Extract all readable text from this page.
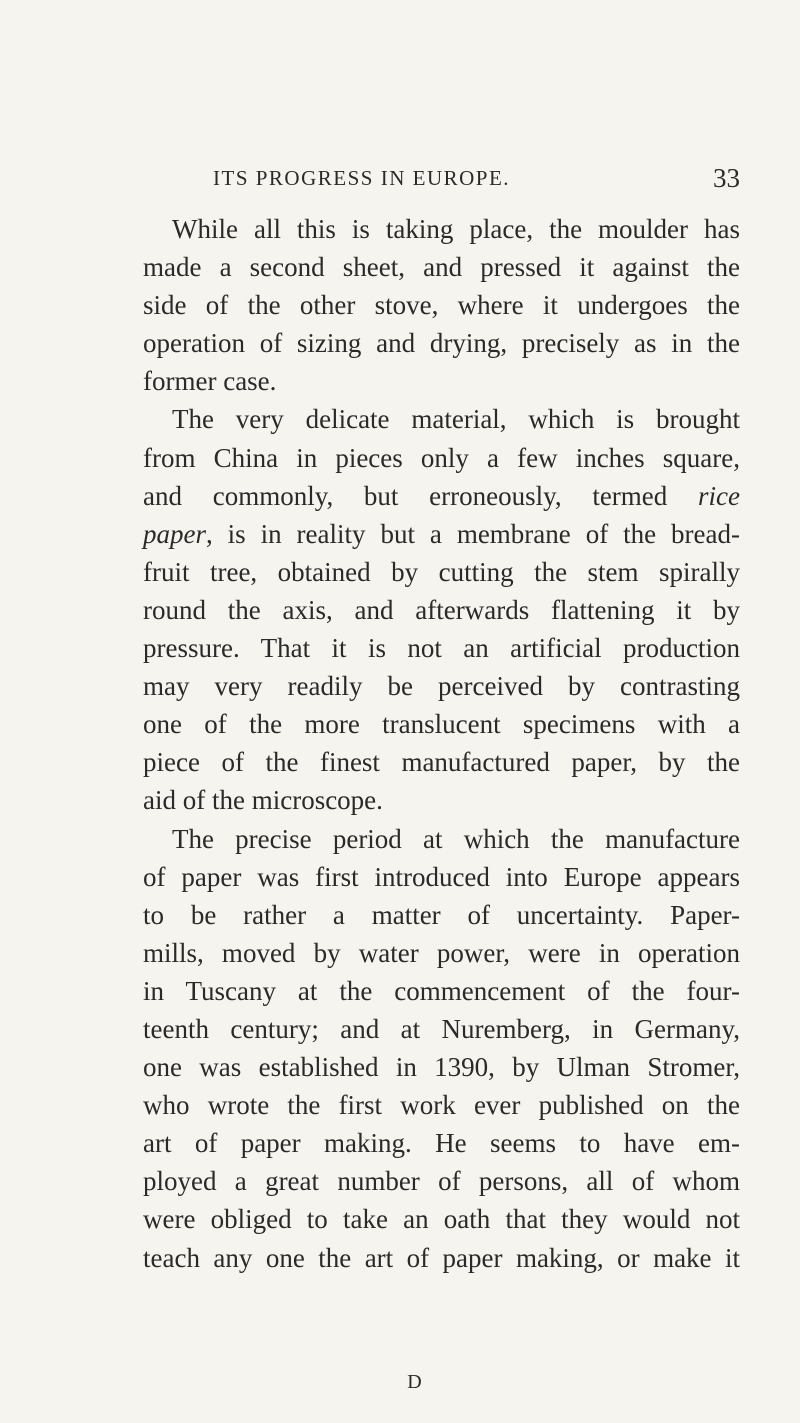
ITS PROGRESS IN EUROPE.	33
While all this is taking place, the moulder has
made a second sheet, and pressed it against the
side of the other stove, where it undergoes the
operation of sizing and drying, precisely as in the
former case.
The very delicate material, which is brought
from China in pieces only a few inches square,
and commonly, but erroneously, termed rice
paper, is in reality but a membrane of the bread-
fruit tree, obtained by cutting the stem spirally
round the axis, and afterwards flattening it by
pressure. That it is not an artificial production
may very readily be perceived by contrasting
one of the more translucent specimens with a
piece of the finest manufactured paper, by the
aid of the microscope.
The precise period at which the manufacture
of paper was first introduced into Europe appears
to be rather a matter of uncertainty. Paper-
mills, moved by water power, were in operation
in Tuscany at the commencement of the four-
teenth century; and at Nuremberg, in Germany,
one was established in 1390, by Ulman Stromer,
who wrote the first work ever published on the
art of paper making. He seems to have em-
ployed a great number of persons, all of whom
were obliged to take an oath that they would not
teach any one the art of paper making, or make it
D
